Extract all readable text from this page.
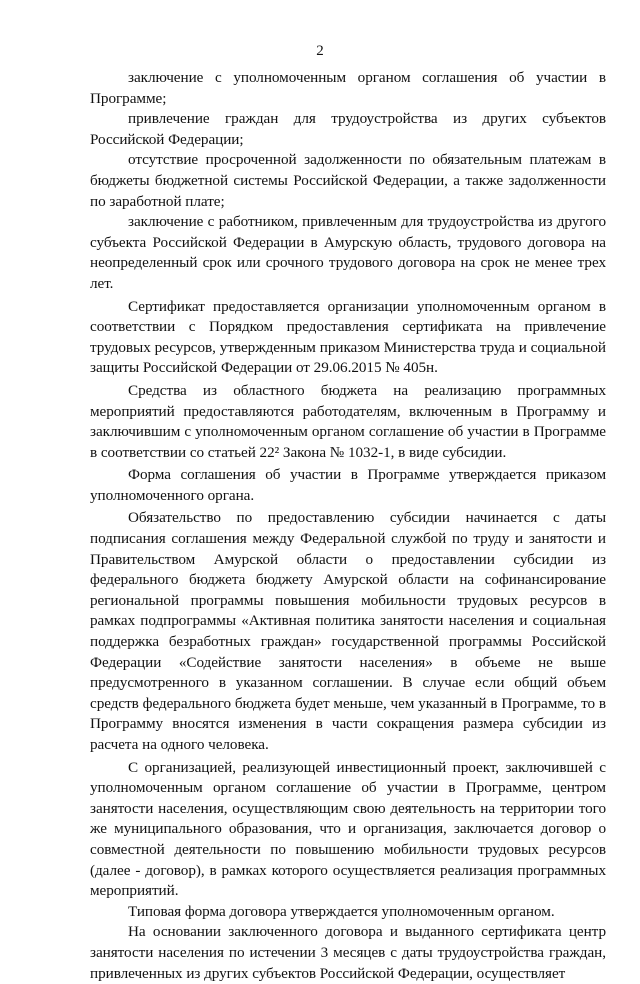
2

заключение с уполномоченным органом соглашения об участии в Программе;

привлечение граждан для трудоустройства из других субъектов Российской Федерации;

отсутствие просроченной задолженности по обязательным платежам в бюджеты бюджетной системы Российской Федерации, а также задолженности по заработной плате;

заключение с работником, привлеченным для трудоустройства из другого субъекта Российской Федерации в Амурскую область, трудового договора на неопределенный срок или срочного трудового договора на срок не менее трех лет.

Сертификат предоставляется организации уполномоченным органом в соответствии с Порядком предоставления сертификата на привлечение трудовых ресурсов, утвержденным приказом Министерства труда и социальной защиты Российской Федерации от 29.06.2015 № 405н.

Средства из областного бюджета на реализацию программных мероприятий предоставляются работодателям, включенным в Программу и заключившим с уполномоченным органом соглашение об участии в Программе в соответствии со статьей 22² Закона № 1032-1, в виде субсидии.

Форма соглашения об участии в Программе утверждается приказом уполномоченного органа.

Обязательство по предоставлению субсидии начинается с даты подписания соглашения между Федеральной службой по труду и занятости и Правительством Амурской области о предоставлении субсидии из федерального бюджета бюджету Амурской области на софинансирование региональной программы повышения мобильности трудовых ресурсов в рамках подпрограммы «Активная политика занятости населения и социальная поддержка безработных граждан» государственной программы Российской Федерации «Содействие занятости населения» в объеме не выше предусмотренного в указанном соглашении. В случае если общий объем средств федерального бюджета будет меньше, чем указанный в Программе, то в Программу вносятся изменения в части сокращения размера субсидии из расчета на одного человека.

С организацией, реализующей инвестиционный проект, заключившей с уполномоченным органом соглашение об участии в Программе, центром занятости населения, осуществляющим свою деятельность на территории того же муниципального образования, что и организация, заключается договор о совместной деятельности по повышению мобильности трудовых ресурсов (далее - договор), в рамках которого осуществляется реализация программных мероприятий.

Типовая форма договора утверждается уполномоченным органом.

На основании заключенного договора и выданного сертификата центр занятости населения по истечении 3 месяцев с даты трудоустройства граждан, привлеченных из других субъектов Российской Федерации, осуществляет
